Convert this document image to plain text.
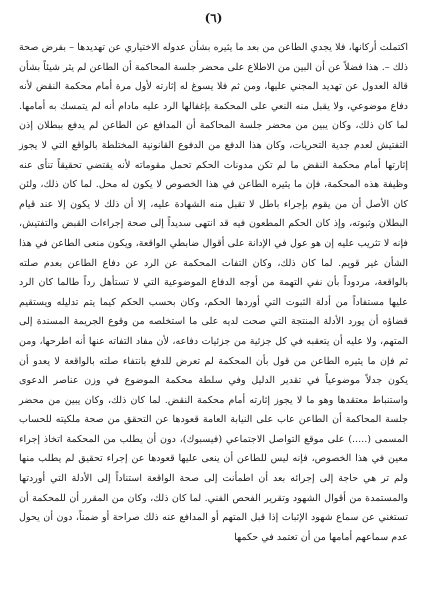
(٦)

اكتملت أركانها، فلا يجدي الطاعن من بعد ما يثيره بشأن عدوله الاختياري عن تهديدها – بفرض صحة ذلك –. هذا فضلاً عن أن البين من الاطلاع على محضر جلسة المحاكمة أن الطاعن لم يثر شيئاً بشأن قالة العدول عن تهديد المجني عليها، ومن ثم فلا يسوغ له إثارته لأول مرة أمام محكمة النقض لأنه دفاع موضوعي، ولا يقبل منه النعي على المحكمة بإغفالها الرد عليه مادام أنه لم يتمسك به أمامها. لما كان ذلك، وكان يبين من محضر جلسة المحاكمة أن المدافع عن الطاعن لم يدفع ببطلان إذن التفتيش لعدم جدية التحريات، وكان هذا الدفع من الدفوع القانونية المختلطة بالواقع التي لا يجوز إثارتها أمام محكمة النقض ما لم تكن مدونات الحكم تحمل مقوماته لأنه يقتضي تحقيقاً تنأى عنه وظيفة هذه المحكمة، فإن ما يثيره الطاعن في هذا الخصوص لا يكون له محل. لما كان ذلك، ولئن كان الأصل أن من يقوم بإجراء باطل لا تقبل منه الشهادة عليه، إلا أن ذلك لا يكون إلا عند قيام البطلان وثبوته، وإذ كان الحكم المطعون فيه قد انتهى سديداً إلى صحة إجراءات القبض والتفتيش، فإنه لا تثريب عليه إن هو عول في الإدانة على أقوال ضابطي الواقعة، ويكون منعى الطاعن في هذا الشأن غير قويم. لما كان ذلك، وكان التفات المحكمة عن الرد عن دفاع الطاعن بعدم صلته بالواقعة، مردوداً بأن نفي التهمة من أوجه الدفاع الموضوعية التي لا تستأهل رداً طالما كان الرد عليها مستفاداً من أدلة الثبوت التي أوردها الحكم، وكان بحسب الحكم كيما يتم تدليله ويستقيم قضاؤه أن يورد الأدلة المنتجة التي صحت لديه على ما استخلصه من وقوع الجريمة المسندة إلى المتهم، ولا عليه أن يتعقبه في كل جزئية من جزئيات دفاعه، لأن مفاد التفاته عنها أنه اطرحها، ومن ثم فإن ما يثيره الطاعن من قول بأن المحكمة لم تعرض للدفع بانتفاء صلته بالواقعة لا يعدو أن يكون جدلاً موضوعياً في تقدير الدليل وفي سلطة محكمة الموضوع في وزن عناصر الدعوى واستنباط معتقدها وهو ما لا يجوز إثارته أمام محكمة النقض. لما كان ذلك، وكان يبين من محضر جلسة المحاكمة أن الطاعن عاب على النيابة العامة قعودها عن التحقق من صحة ملكيته للحساب المسمى (.....) على موقع التواصل الاجتماعي (فيسبوك)، دون أن يطلب من المحكمة اتخاذ إجراء معين في هذا الخصوص، فإنه ليس للطاعن أن ينعى عليها قعودها عن إجراء تحقيق لم يطلب منها ولم تر هي حاجة إلى إجرائه بعد أن اطمأنت إلى صحة الواقعة استناداً إلى الأدلة التي أوردتها والمستمدة من أقوال الشهود وتقرير الفحص الفني. لما كان ذلك، وكان من المقرر أن للمحكمة أن تستغني عن سماع شهود الإثبات إذا قبل المتهم أو المدافع عنه ذلك صراحة أو ضمناً، دون أن يحول عدم سماعهم أمامها من أن تعتمد في حكمها
